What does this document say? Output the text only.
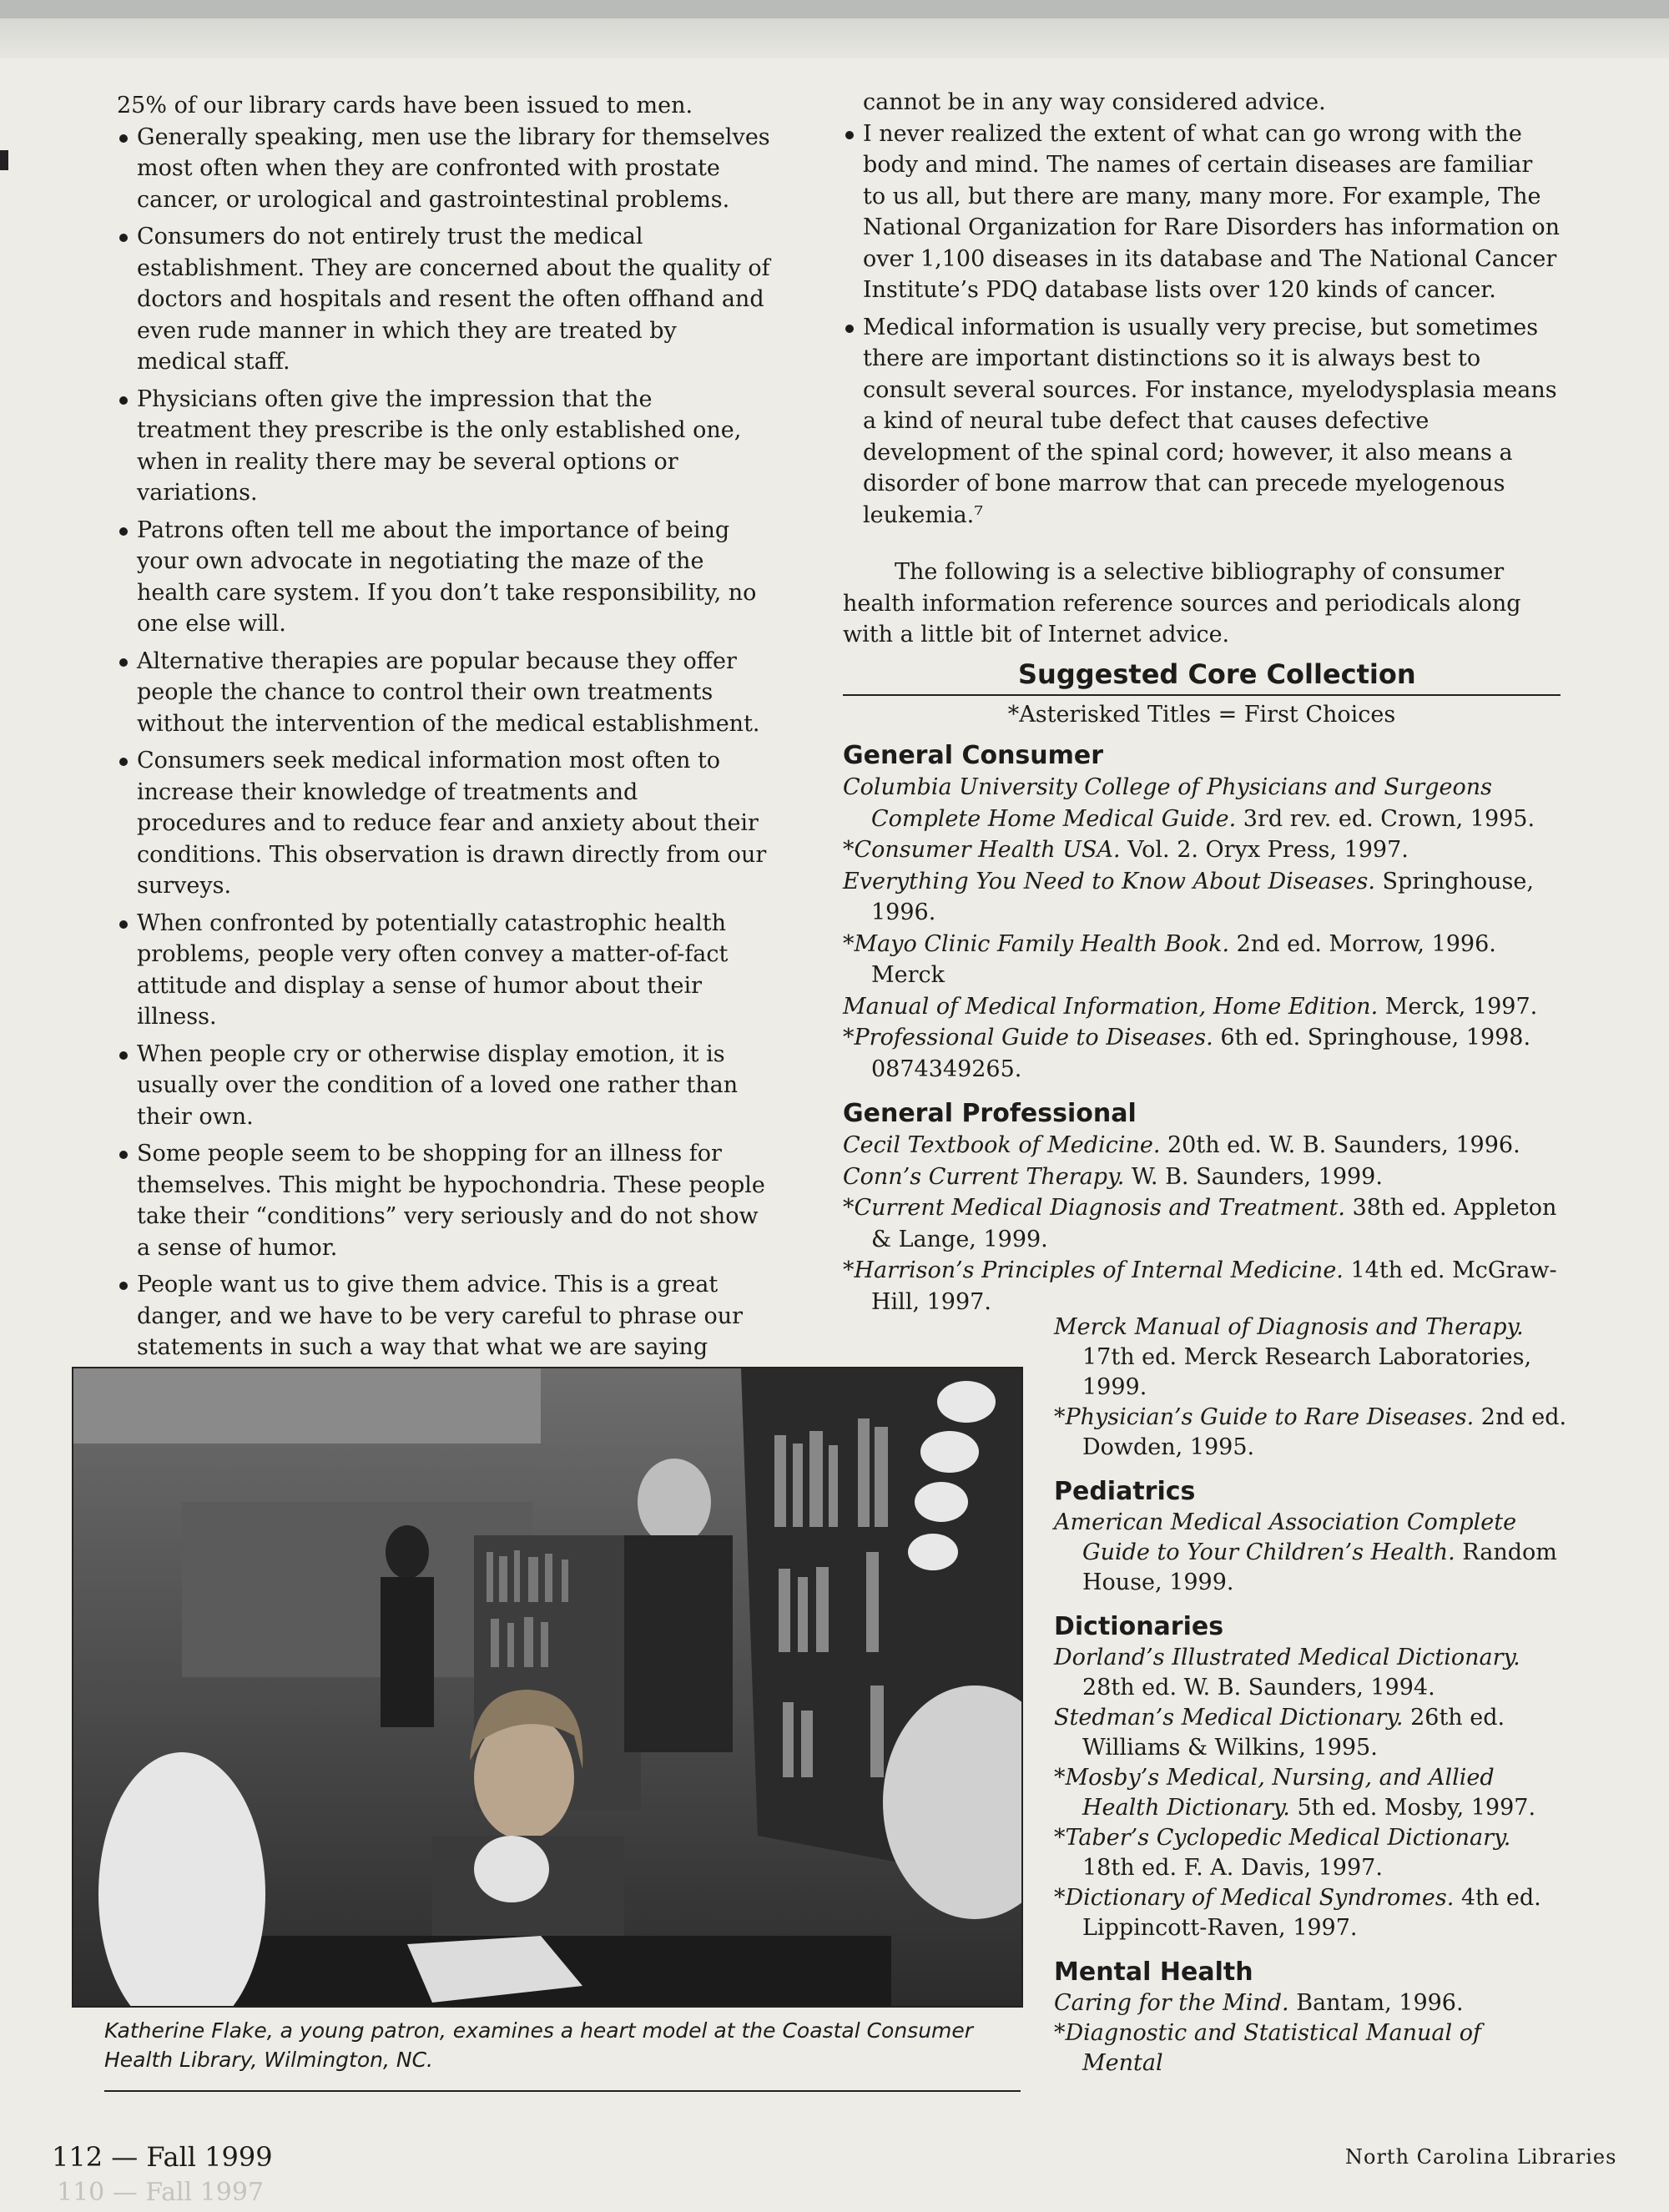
25% of our library cards have been issued to men.

Generally speaking, men use the library for themselves most often when they are confronted with prostate cancer, or urological and gastrointestinal problems.
Consumers do not entirely trust the medical establishment. They are concerned about the quality of doctors and hospitals and resent the often offhand and even rude manner in which they are treated by medical staff.
Physicians often give the impression that the treatment they prescribe is the only established one, when in reality there may be several options or variations.
Patrons often tell me about the importance of being your own advocate in negotiating the maze of the health care system. If you don’t take responsibility, no one else will.
Alternative therapies are popular because they offer people the chance to control their own treatments without the intervention of the medical establishment.
Consumers seek medical information most often to increase their knowledge of treatments and procedures and to reduce fear and anxiety about their conditions. This observation is drawn directly from our surveys.
When confronted by potentially catastrophic health problems, people very often convey a matter-of-fact attitude and display a sense of humor about their illness.
When people cry or otherwise display emotion, it is usually over the condition of a loved one rather than their own.
Some people seem to be shopping for an illness for themselves. This might be hypochondria. These people take their “conditions” very seriously and do not show a sense of humor.
People want us to give them advice. This is a great danger, and we have to be very careful to phrase our statements in such a way that what we are saying

cannot be in any way considered advice.

I never realized the extent of what can go wrong with the body and mind. The names of certain diseases are familiar to us all, but there are many, many more. For example, The National Organization for Rare Disorders has information on over 1,100 diseases in its database and The National Cancer Institute’s PDQ database lists over 120 kinds of cancer.
Medical information is usually very precise, but sometimes there are important distinctions so it is always best to consult several sources. For instance, myelodysplasia means a kind of neural tube defect that causes defective development of the spinal cord; however, it also means a disorder of bone marrow that can precede myelogenous leukemia.⁷

The following is a selective bibliography of consumer health information reference sources and periodicals along with a little bit of Internet advice.

Suggested Core Collection
*Asterisked Titles = First Choices
General Consumer

Columbia University College of Physicians and Surgeons Complete Home Medical Guide. 3rd rev. ed. Crown, 1995.

*Consumer Health USA. Vol. 2. Oryx Press, 1997.

Everything You Need to Know About Diseases. Springhouse, 1996.

*Mayo Clinic Family Health Book. 2nd ed. Morrow, 1996. Merck

Manual of Medical Information, Home Edition. Merck, 1997.

*Professional Guide to Diseases. 6th ed. Springhouse, 1998. 0874349265.

General Professional

Cecil Textbook of Medicine. 20th ed. W. B. Saunders, 1996.

Conn’s Current Therapy. W. B. Saunders, 1999.

*Current Medical Diagnosis and Treatment. 38th ed. Appleton & Lange, 1999.

*Harrison’s Principles of Internal Medicine. 14th ed. McGraw-Hill, 1997.

Merck Manual of Diagnosis and Therapy. 17th ed. Merck Research Laboratories, 1999.

*Physician’s Guide to Rare Diseases. 2nd ed. Dowden, 1995.

Pediatrics

American Medical Association Complete Guide to Your Children’s Health. Random House, 1999.

Dictionaries

Dorland’s Illustrated Medical Dictionary. 28th ed. W. B. Saunders, 1994.

Stedman’s Medical Dictionary. 26th ed. Williams & Wilkins, 1995.

*Mosby’s Medical, Nursing, and Allied Health Dictionary. 5th ed. Mosby, 1997.

*Taber’s Cyclopedic Medical Dictionary. 18th ed. F. A. Davis, 1997.

*Dictionary of Medical Syndromes. 4th ed. Lippincott-Raven, 1997.

Mental Health

Caring for the Mind. Bantam, 1996.

*Diagnostic and Statistical Manual of Mental

Katherine Flake, a young patron, examines a heart model at the Coastal Consumer Health Library, Wilmington, NC.
112 — Fall 1999	North Carolina Libraries
110 — Fall 1997
